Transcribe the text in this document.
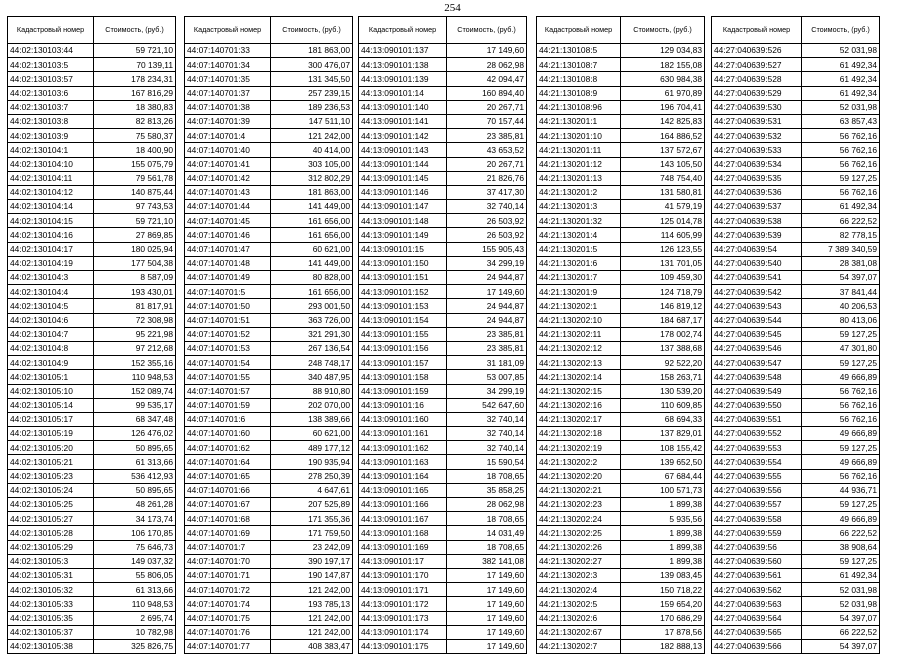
254
Кадастровый номер	Стоимость, (руб.)
44:02:130103:44	59 721,10
44:02:130103:5	70 139,11
44:02:130103:57	178 234,31
44:02:130103:6	167 816,29
44:02:130103:7	18 380,83
44:02:130103:8	82 813,26
44:02:130103:9	75 580,37
44:02:130104:1	18 400,90
44:02:130104:10	155 075,79
44:02:130104:11	79 561,78
44:02:130104:12	140 875,44
44:02:130104:14	97 743,53
44:02:130104:15	59 721,10
44:02:130104:16	27 869,85
44:02:130104:17	180 025,94
44:02:130104:19	177 504,38
44:02:130104:3	8 587,09
44:02:130104:4	193 430,01
44:02:130104:5	81 817,91
44:02:130104:6	72 308,98
44:02:130104:7	95 221,98
44:02:130104:8	97 212,68
44:02:130104:9	152 355,16
44:02:130105:1	110 948,53
44:02:130105:10	152 089,74
44:02:130105:14	99 535,17
44:02:130105:17	68 347,48
44:02:130105:19	126 476,02
44:02:130105:20	50 895,65
44:02:130105:21	61 313,66
44:02:130105:23	536 412,93
44:02:130105:24	50 895,65
44:02:130105:25	48 261,28
44:02:130105:27	34 173,74
44:02:130105:28	106 170,85
44:02:130105:29	75 646,73
44:02:130105:3	149 037,32
44:02:130105:31	55 806,05
44:02:130105:32	61 313,66
44:02:130105:33	110 948,53
44:02:130105:35	2 695,74
44:02:130105:37	10 782,98
44:02:130105:38	325 826,75
Кадастровый номер	Стоимость, (руб.)
44:07:140701:33	181 863,00
44:07:140701:34	300 476,07
44:07:140701:35	131 345,50
44:07:140701:37	257 239,15
44:07:140701:38	189 236,53
44:07:140701:39	147 511,10
44:07:140701:4	121 242,00
44:07:140701:40	40 414,00
44:07:140701:41	303 105,00
44:07:140701:42	312 802,29
44:07:140701:43	181 863,00
44:07:140701:44	141 449,00
44:07:140701:45	161 656,00
44:07:140701:46	161 656,00
44:07:140701:47	60 621,00
44:07:140701:48	141 449,00
44:07:140701:49	80 828,00
44:07:140701:5	161 656,00
44:07:140701:50	293 001,50
44:07:140701:51	363 726,00
44:07:140701:52	321 291,30
44:07:140701:53	267 136,54
44:07:140701:54	248 748,17
44:07:140701:55	340 487,95
44:07:140701:57	88 910,80
44:07:140701:59	202 070,00
44:07:140701:6	138 389,66
44:07:140701:60	60 621,00
44:07:140701:62	489 177,12
44:07:140701:64	190 935,94
44:07:140701:65	278 250,39
44:07:140701:66	4 647,61
44:07:140701:67	207 525,89
44:07:140701:68	171 355,36
44:07:140701:69	171 759,50
44:07:140701:7	23 242,09
44:07:140701:70	390 197,17
44:07:140701:71	190 147,87
44:07:140701:72	121 242,00
44:07:140701:74	193 785,13
44:07:140701:75	121 242,00
44:07:140701:76	121 242,00
44:07:140701:77	408 383,47
Кадастровый номер	Стоимость, (руб.)
44:13:090101:137	17 149,60
44:13:090101:138	28 062,98
44:13:090101:139	42 094,47
44:13:090101:14	160 894,40
44:13:090101:140	20 267,71
44:13:090101:141	70 157,44
44:13:090101:142	23 385,81
44:13:090101:143	43 653,52
44:13:090101:144	20 267,71
44:13:090101:145	21 826,76
44:13:090101:146	37 417,30
44:13:090101:147	32 740,14
44:13:090101:148	26 503,92
44:13:090101:149	26 503,92
44:13:090101:15	155 905,43
44:13:090101:150	34 299,19
44:13:090101:151	24 944,87
44:13:090101:152	17 149,60
44:13:090101:153	24 944,87
44:13:090101:154	24 944,87
44:13:090101:155	23 385,81
44:13:090101:156	23 385,81
44:13:090101:157	31 181,09
44:13:090101:158	53 007,85
44:13:090101:159	34 299,19
44:13:090101:16	542 647,60
44:13:090101:160	32 740,14
44:13:090101:161	32 740,14
44:13:090101:162	32 740,14
44:13:090101:163	15 590,54
44:13:090101:164	18 708,65
44:13:090101:165	35 858,25
44:13:090101:166	28 062,98
44:13:090101:167	18 708,65
44:13:090101:168	14 031,49
44:13:090101:169	18 708,65
44:13:090101:17	382 141,08
44:13:090101:170	17 149,60
44:13:090101:171	17 149,60
44:13:090101:172	17 149,60
44:13:090101:173	17 149,60
44:13:090101:174	17 149,60
44:13:090101:175	17 149,60
Кадастровый номер	Стоимость, (руб.)
44:21:130108:5	129 034,83
44:21:130108:7	182 155,08
44:21:130108:8	630 984,38
44:21:130108:9	61 970,89
44:21:130108:96	196 704,41
44:21:130201:1	142 825,83
44:21:130201:10	164 886,52
44:21:130201:11	137 572,67
44:21:130201:12	143 105,50
44:21:130201:13	748 754,40
44:21:130201:2	131 580,81
44:21:130201:3	41 579,19
44:21:130201:32	125 014,78
44:21:130201:4	114 605,99
44:21:130201:5	126 123,55
44:21:130201:6	131 701,05
44:21:130201:7	109 459,30
44:21:130201:9	124 718,79
44:21:130202:1	146 819,12
44:21:130202:10	184 687,17
44:21:130202:11	178 002,74
44:21:130202:12	137 388,68
44:21:130202:13	92 522,20
44:21:130202:14	158 263,71
44:21:130202:15	130 539,20
44:21:130202:16	110 609,85
44:21:130202:17	68 694,33
44:21:130202:18	137 829,01
44:21:130202:19	108 155,42
44:21:130202:2	139 652,50
44:21:130202:20	67 684,44
44:21:130202:21	100 571,73
44:21:130202:23	1 899,38
44:21:130202:24	5 935,56
44:21:130202:25	1 899,38
44:21:130202:26	1 899,38
44:21:130202:27	1 899,38
44:21:130202:3	139 083,45
44:21:130202:4	150 718,22
44:21:130202:5	159 654,20
44:21:130202:6	170 686,29
44:21:130202:67	17 878,56
44:21:130202:7	182 888,13
Кадастровый номер	Стоимость, (руб.)
44:27:040639:526	52 031,98
44:27:040639:527	61 492,34
44:27:040639:528	61 492,34
44:27:040639:529	61 492,34
44:27:040639:530	52 031,98
44:27:040639:531	63 857,43
44:27:040639:532	56 762,16
44:27:040639:533	56 762,16
44:27:040639:534	56 762,16
44:27:040639:535	59 127,25
44:27:040639:536	56 762,16
44:27:040639:537	61 492,34
44:27:040639:538	66 222,52
44:27:040639:539	82 778,15
44:27:040639:54	7 389 340,59
44:27:040639:540	28 381,08
44:27:040639:541	54 397,07
44:27:040639:542	37 841,44
44:27:040639:543	40 206,53
44:27:040639:544	80 413,06
44:27:040639:545	59 127,25
44:27:040639:546	47 301,80
44:27:040639:547	59 127,25
44:27:040639:548	49 666,89
44:27:040639:549	56 762,16
44:27:040639:550	56 762,16
44:27:040639:551	56 762,16
44:27:040639:552	49 666,89
44:27:040639:553	59 127,25
44:27:040639:554	49 666,89
44:27:040639:555	56 762,16
44:27:040639:556	44 936,71
44:27:040639:557	59 127,25
44:27:040639:558	49 666,89
44:27:040639:559	66 222,52
44:27:040639:56	38 908,64
44:27:040639:560	59 127,25
44:27:040639:561	61 492,34
44:27:040639:562	52 031,98
44:27:040639:563	52 031,98
44:27:040639:564	54 397,07
44:27:040639:565	66 222,52
44:27:040639:566	54 397,07
